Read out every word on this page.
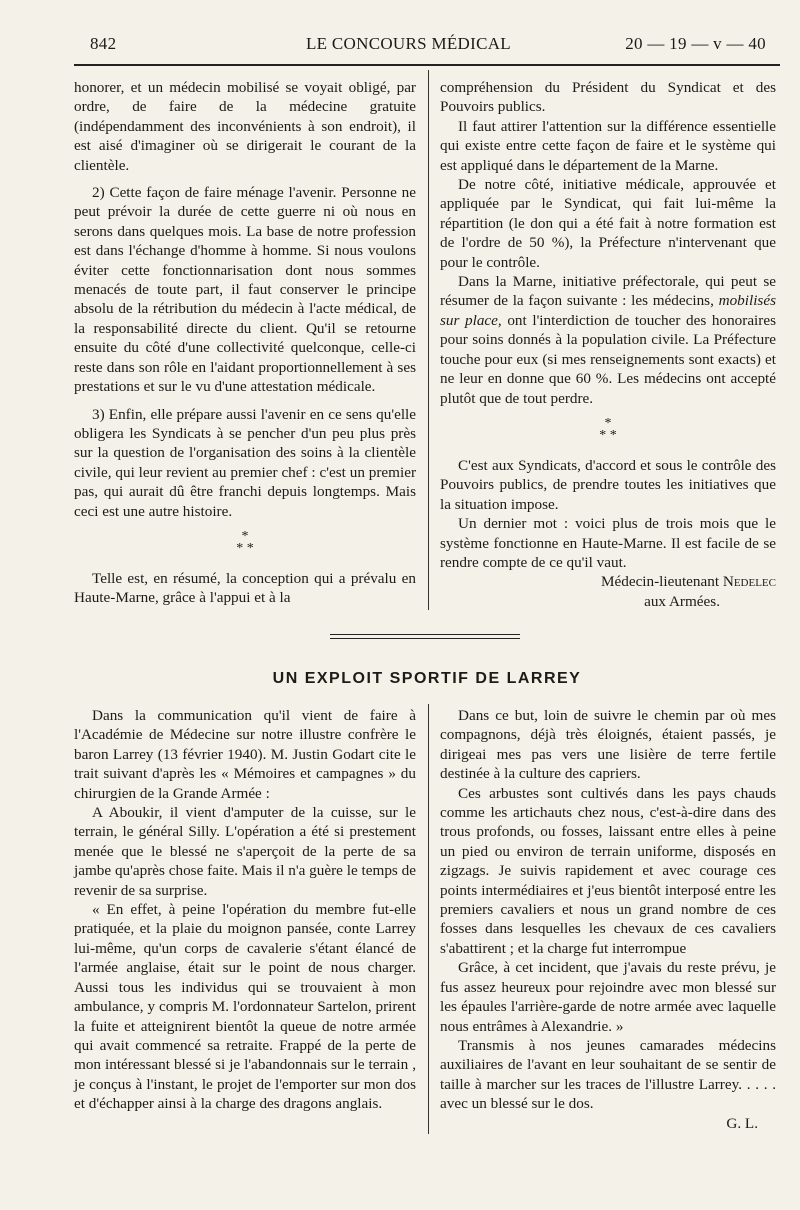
842	LE CONCOURS MÉDICAL	20 — 19 — v — 40

honorer, et un médecin mobilisé se voyait obligé, par ordre, de faire de la médecine gratuite (indépendamment des inconvénients à son endroit), il est aisé d'imaginer où se dirigerait le courant de la clientèle.

2) Cette façon de faire ménage l'avenir. Personne ne peut prévoir la durée de cette guerre ni où nous en serons dans quelques mois. La base de notre profession est dans l'échange d'homme à homme. Si nous voulons éviter cette fonctionnarisation dont nous sommes menacés de toute part, il faut conserver le principe absolu de la rétribution du médecin à l'acte médical, de la responsabilité directe du client. Qu'il se retourne ensuite du côté d'une collectivité quelconque, celle-ci reste dans son rôle en l'aidant proportionnellement à ses prestations et sur le vu d'une attestation médicale.

3) Enfin, elle prépare aussi l'avenir en ce sens qu'elle obligera les Syndicats à se pencher d'un peu plus près sur la question de l'organisation des soins à la clientèle civile, qui leur revient au premier chef : c'est un premier pas, qui aurait dû être franchi depuis longtemps. Mais ceci est une autre histoire.

*
* *

Telle est, en résumé, la conception qui a prévalu en Haute-Marne, grâce à l'appui et à la

compréhension du Président du Syndicat et des Pouvoirs publics.

Il faut attirer l'attention sur la différence essentielle qui existe entre cette façon de faire et le système qui est appliqué dans le département de la Marne.

De notre côté, initiative médicale, approuvée et appliquée par le Syndicat, qui fait lui-même la répartition (le don qui a été fait à notre formation est de l'ordre de 50 %), la Préfecture n'intervenant que pour le contrôle.

Dans la Marne, initiative préfectorale, qui peut se résumer de la façon suivante : les médecins, mobilisés sur place, ont l'interdiction de toucher des honoraires pour soins donnés à la population civile. La Préfecture touche pour eux (si mes renseignements sont exacts) et ne leur en donne que 60 %. Les médecins ont accepté plutôt que de tout perdre.

*
* *

C'est aux Syndicats, d'accord et sous le contrôle des Pouvoirs publics, de prendre toutes les initiatives que la situation impose.

Un dernier mot : voici plus de trois mois que le système fonctionne en Haute-Marne. Il est facile de se rendre compte de ce qu'il vaut.

Médecin-lieutenant Nedelec

aux Armées.

UN EXPLOIT SPORTIF DE LARREY

Dans la communication qu'il vient de faire à l'Académie de Médecine sur notre illustre confrère le baron Larrey (13 février 1940). M. Justin Godart cite le trait suivant d'après les « Mémoires et campagnes » du chirurgien de la Grande Armée :

A Aboukir, il vient d'amputer de la cuisse, sur le terrain, le général Silly. L'opération a été si prestement menée que le blessé ne s'aperçoit de la perte de sa jambe qu'après chose faite. Mais il n'a guère le temps de revenir de sa surprise.

« En effet, à peine l'opération du membre fut-elle pratiquée, et la plaie du moignon pansée, conte Larrey lui-même, qu'un corps de cavalerie s'étant élancé de l'armée anglaise, était sur le point de nous charger. Aussi tous les individus qui se trouvaient à mon ambulance, y compris M. l'ordonnateur Sartelon, prirent la fuite et atteignirent bientôt la queue de notre armée qui avait commencé sa retraite. Frappé de la perte de mon intéressant blessé si je l'abandonnais sur le terrain , je conçus à l'instant, le projet de l'emporter sur mon dos et d'échapper ainsi à la charge des dragons anglais.

Dans ce but, loin de suivre le chemin par où mes compagnons, déjà très éloignés, étaient passés, je dirigeai mes pas vers une lisière de terre fertile destinée à la culture des capriers.

Ces arbustes sont cultivés dans les pays chauds comme les artichauts chez nous, c'est-à-dire dans des trous profonds, ou fosses, laissant entre elles à peine un pied ou environ de terrain uniforme, disposés en zigzags. Je suivis rapidement et avec courage ces points intermédiaires et j'eus bientôt interposé entre les premiers cavaliers et nous un grand nombre de ces fosses dans lesquelles les chevaux de ces cavaliers s'abattirent ; et la charge fut interrompue

Grâce, à cet incident, que j'avais du reste prévu, je fus assez heureux pour rejoindre avec mon blessé sur les épaules l'arrière-garde de notre armée avec laquelle nous entrâmes à Alexandrie. »

Transmis à nos jeunes camarades médecins auxiliaires de l'avant en leur souhaitant de se sentir de taille à marcher sur les traces de l'illustre Larrey. . . . . avec un blessé sur le dos.

G. L.
